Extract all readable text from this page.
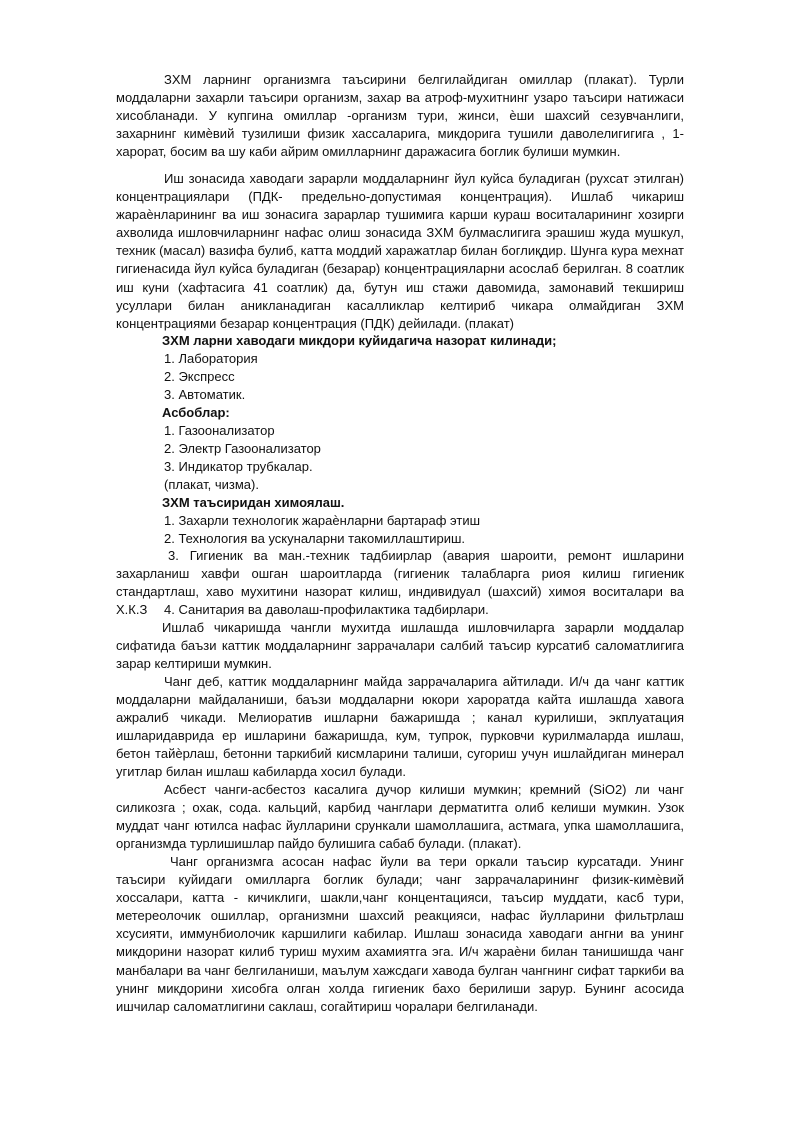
ЗХМ ларнинг организмга таъсирини белгилайдиган омиллар (плакат). Турли моддаларни захарли таъсири организм, захар ва атроф-мухитнинг узаро таъсири натижаси хисобланади. У купгина омиллар -организм тури, жинси, ѐши шахсий сезувчанлиги, захарнинг кимѐвий тузилиши физик хассаларига, микдорига тушили даволелигигига , 1-харорат, босим ва шу каби айрим омилларнинг даражасига боглик булиши мумкин.

Иш зонасида хаводаги зарарли моддаларнинг йул куйса буладиган (рухсат этилган) концентрациялари (ПДК- предельно-допустимая концентрация). Ишлаб чикариш жараѐнларининг ва иш зонасига зарарлар тушимига карши кураш воситаларининг хозирги ахволида ишловчиларнинг нафас олиш зонасида ЗХМ булмаслигига эрашиш жуда мушкул, техник (масал) вазифа булиб, катта моддий харажатлар билан боглиқдир. Шунга кура мехнат гигиенасида йул куйса буладиган (безарар) концентрацияларни асослаб берилган. 8 соатлик иш куни (хафтасига 41 соатлик) да, бутун иш стажи давомида, замонавий текшириш усуллари билан аникланадиган касалликлар келтириб чикара олмайдиган ЗХМ концентрациями безарар концентрация (ПДК) дейилади. (плакат)

ЗХМ ларни хаводаги микдори куйидагича назорат килинади;

1. Лаборатория

2. Экспресс

3. Автоматик.

Асбоблар:

1. Газоонализатор

2. Электр Газоонализатор

3. Индикатор трубкалар.

(плакат, чизма).

ЗХМ таъсиридан химоялаш.

1. Захарли технологик жараѐнларни бартараф этиш

2. Технология ва ускуналарни такомиллаштириш.

3. Гигиеник ва ман.-техник тадбиирлар (авария шароити, ремонт ишларини захарланиш хавфи ошган шароитларда (гигиеник талабларга риоя килиш гигиеник стандартлаш, хаво мухитини назорат килиш, индивидуал (шахсий) химоя воситалари ва Х.К.З	4. Санитария ва даволаш-профилактика тадбирлари.

Ишлаб чикаришда чангли мухитда ишлашда ишловчиларга зарарли моддалар сифатида баъзи каттик моддаларнинг заррачалари салбий таъсир курсатиб саломатлигига зарар келтириши мумкин.

Чанг деб, каттик моддаларнинг майда заррачаларига айтилади. И/ч да чанг каттик моддаларни майдаланиши, баъзи моддаларни юкори хароратда кайта ишлашда хавога ажралиб чикади. Мелиоратив ишларни бажаришда ; канал курилиши, экплуатация ишларидавридa ер ишларини бажаришда, кум, тупрок, пурковчи курилмаларда ишлаш, бетон тайѐрлаш, бетонни таркибий кисмларини талиши, сугориш учун ишлайдиган минерал угитлар билан ишлаш кабиларда хосил булади.

Асбест чанги-асбестоз касалига дучор килиши мумкин; кремний (SiO2) ли чанг силикозга ; охак, сода. кальций, карбид чанглари дерматитга олиб келиши мумкин. Узок муддат чанг ютилса нафас йулларини срункали шамоллашига, астмага, упка шамоллашига, организмда турлишишлар пайдо булишига сабаб булади. (плакат).

Чанг организмга асосан нафас йули ва тери оркали таъсир курсатади. Унинг таъсири куйидаги омилларга боглик булади; чанг заррачаларининг физик-кимѐвий хоссалари, катта - кичиклиги, шакли,чанг концентацияси, таъсир муддати, касб тури, метереолочик ошиллар, организмни шахсий реакцияси, нафас йулларини фильтрлаш хсусияти, иммунбиолочик каршилиги кабилар. Ишлаш зонасида хаводаги ангни ва унинг микдорини назорат килиб туриш мухим ахамиятга эга. И/ч жараѐни билан танишишда чанг манбалари ва чанг белгиланиши, маълум хажсдаги хаводa булган чангнинг сифат таркиби ва унинг микдорини хисобга олган холда гигиеник бахо берилиши зарур. Бунинг асосида ишчилар саломатлигини саклаш, согайтириш чоралари белгиланади.
